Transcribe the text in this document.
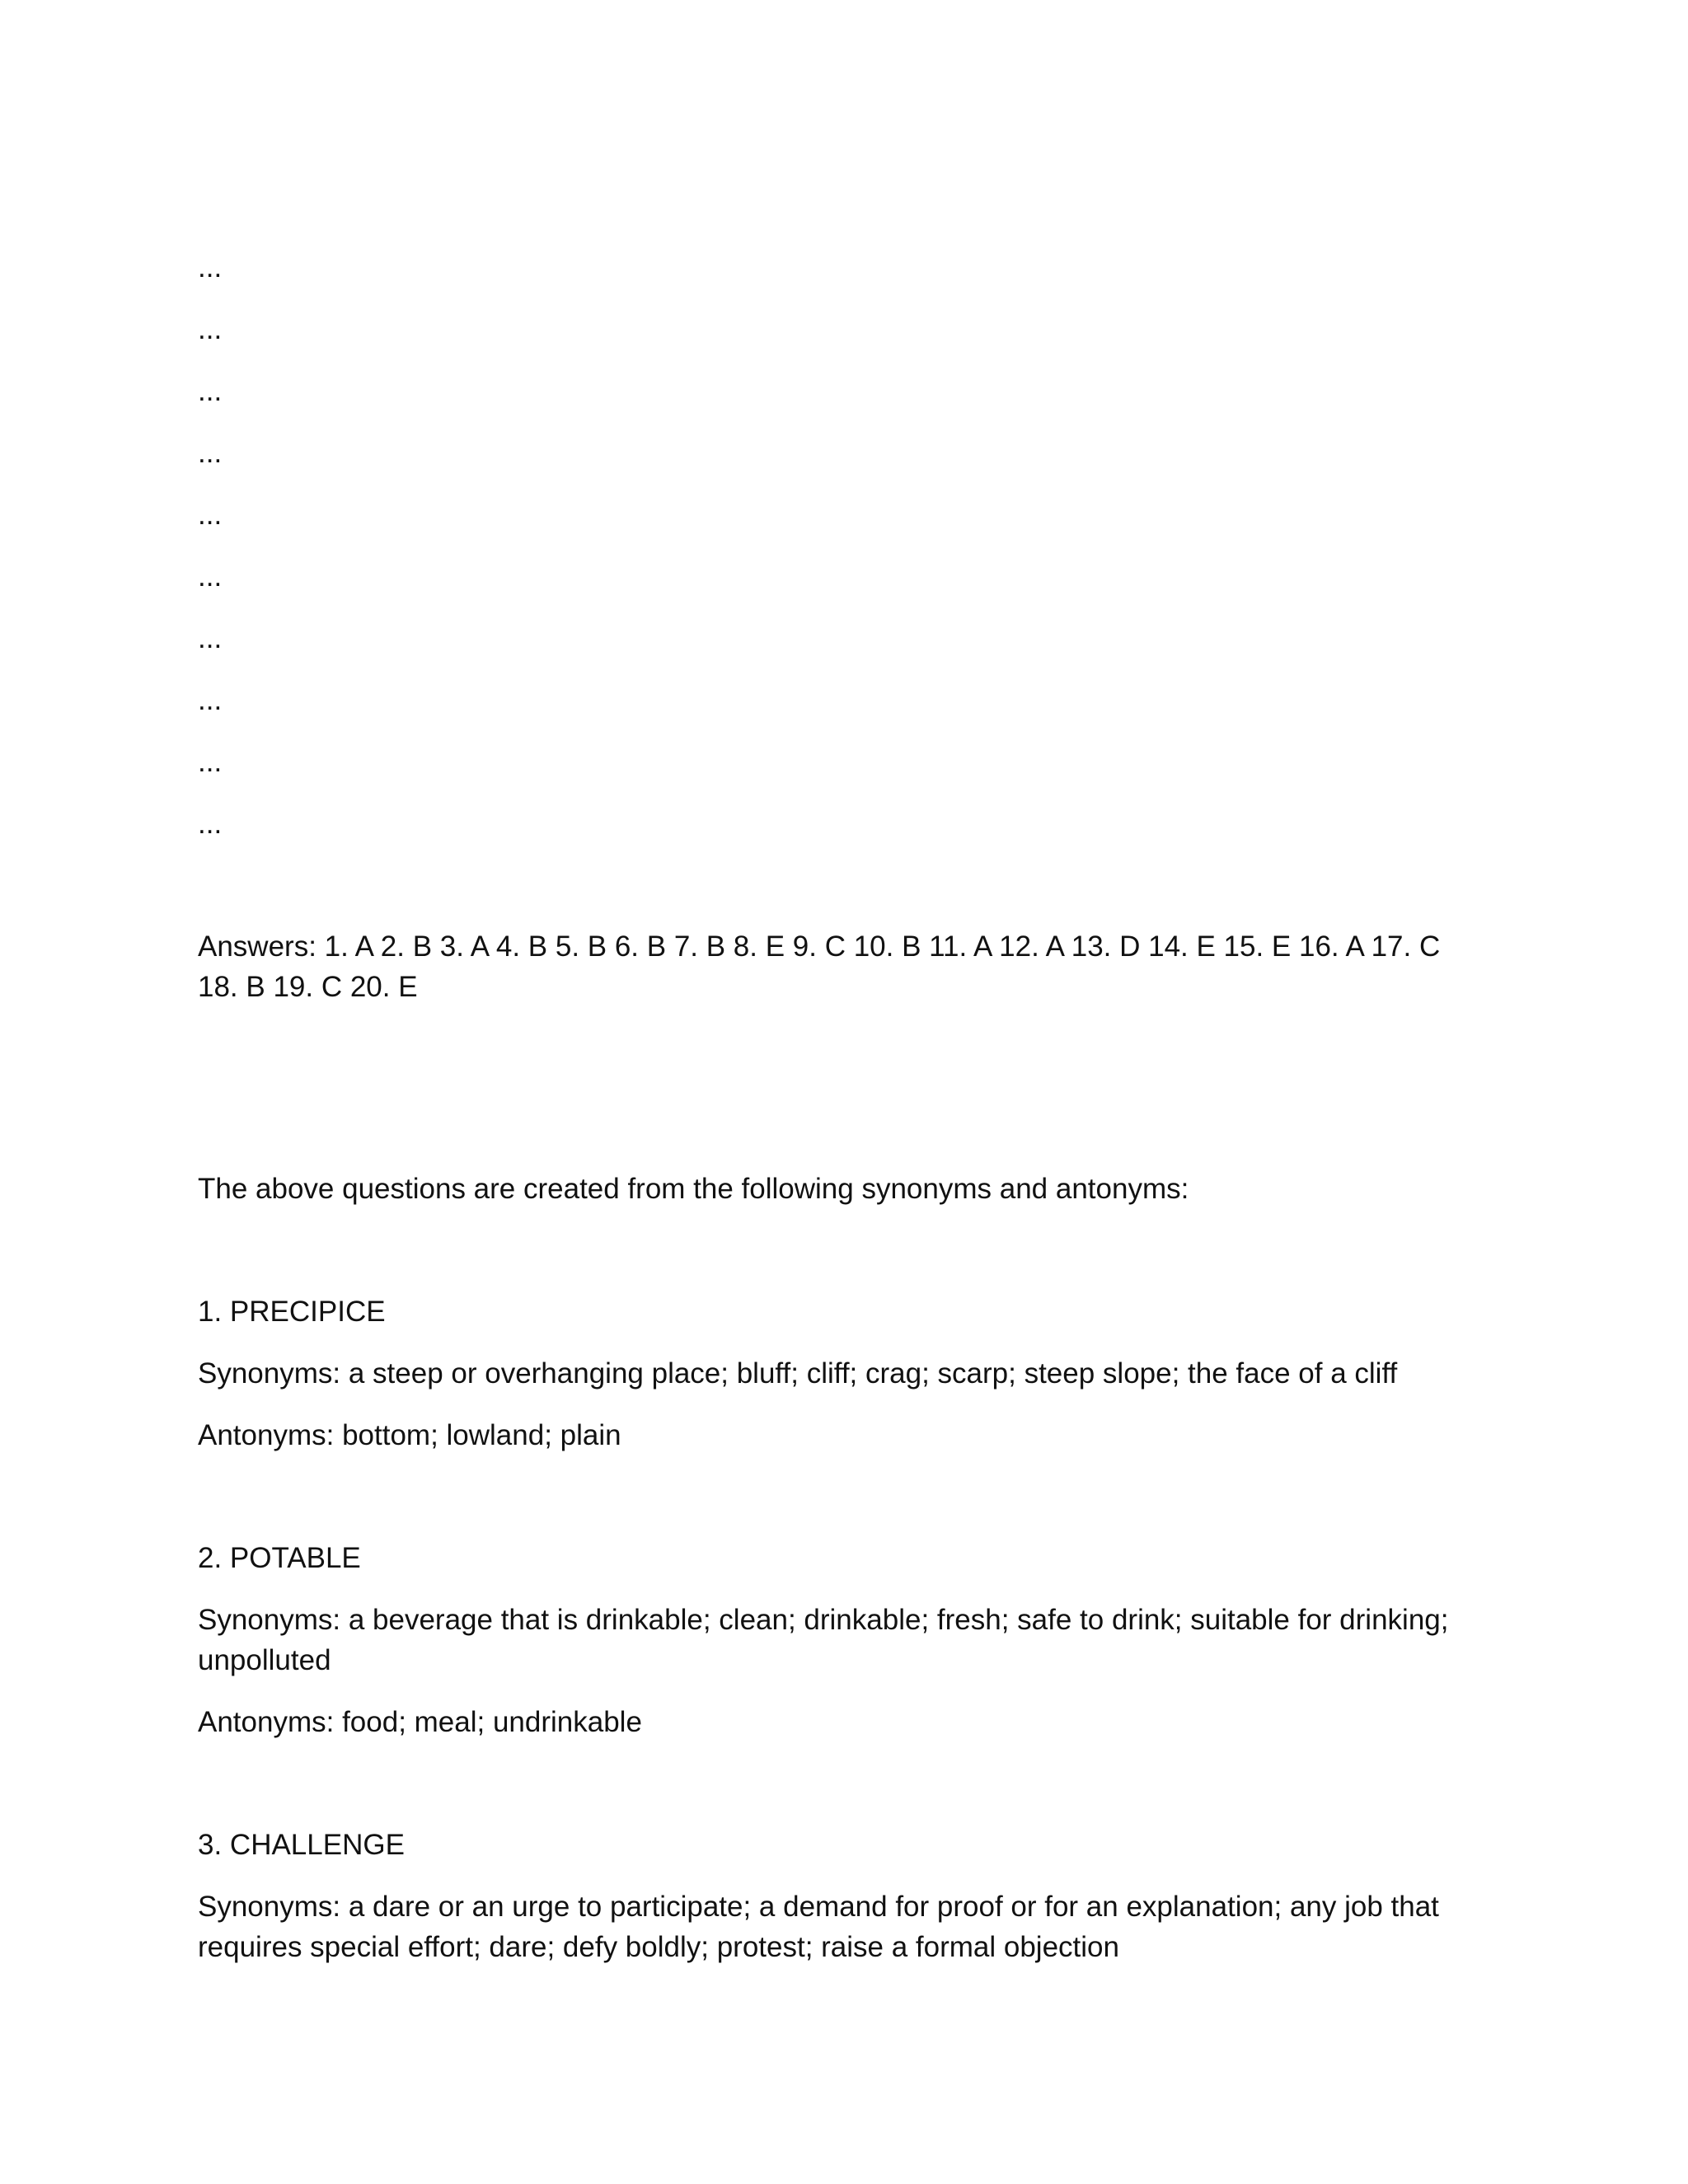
...
...
...
...
...
...
...
...
...
...

Answers: 1. A 2. B 3. A 4. B 5. B 6. B 7. B 8. E 9. C 10. B 11. A 12. A 13. D 14. E 15. E 16. A 17. C 18. B 19. C 20. E

The above questions are created from the following synonyms and antonyms:

1. PRECIPICE
Synonyms: a steep or overhanging place; bluff; cliff; crag; scarp; steep slope; the face of a cliff
Antonyms: bottom; lowland; plain
2. POTABLE
Synonyms: a beverage that is drinkable; clean; drinkable; fresh; safe to drink; suitable for drinking; unpolluted
Antonyms: food; meal; undrinkable
3. CHALLENGE
Synonyms: a dare or an urge to participate; a demand for proof or for an explanation; any job that requires special effort; dare; defy boldly; protest; raise a formal objection
